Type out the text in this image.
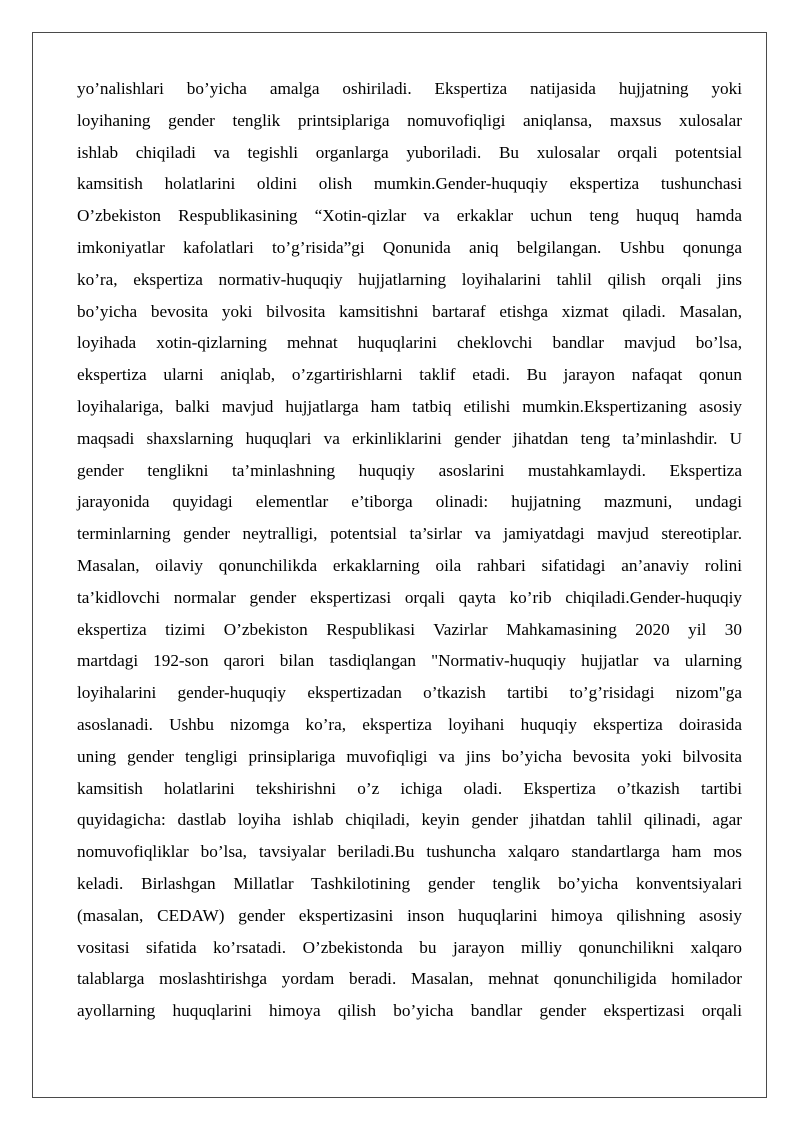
yo’nalishlari bo’yicha amalga oshiriladi. Ekspertiza natijasida hujjatning yoki
loyihaning gender tenglik printsiplariga nomuvofiqligi aniqlansa, maxsus xulosalar
ishlab chiqiladi va tegishli organlarga yuboriladi. Bu xulosalar orqali potentsial
kamsitish holatlarini oldini olish mumkin.Gender-huquqiy ekspertiza tushunchasi
O’zbekiston Respublikasining “Xotin-qizlar va erkaklar uchun teng huquq hamda
imkoniyatlar kafolatlari to’g’risida”gi Qonunida aniq belgilangan. Ushbu qonunga
ko’ra, ekspertiza normativ-huquqiy hujjatlarning loyihalarini tahlil qilish orqali jins
bo’yicha bevosita yoki bilvosita kamsitishni bartaraf etishga xizmat qiladi. Masalan,
loyihada xotin-qizlarning mehnat huquqlarini cheklovchi bandlar mavjud bo’lsa,
ekspertiza ularni aniqlab, o’zgartirishlarni taklif etadi. Bu jarayon nafaqat qonun
loyihalariga, balki mavjud hujjatlarga ham tatbiq etilishi mumkin.Ekspertizaning asosiy
maqsadi shaxslarning huquqlari va erkinliklarini gender jihatdan teng ta’minlashdir. U
gender tenglikni ta’minlashning huquqiy asoslarini mustahkamlaydi. Ekspertiza
jarayonida quyidagi elementlar e’tiborga olinadi: hujjatning mazmuni, undagi
terminlarning gender neytralligi, potentsial ta’sirlar va jamiyatdagi mavjud stereotiplar.
Masalan, oilaviy qonunchilikda erkaklarning oila rahbari sifatidagi an’anaviy rolini
ta’kidlovchi normalar gender ekspertizasi orqali qayta ko’rib chiqiladi.Gender-huquqiy
ekspertiza tizimi O’zbekiston Respublikasi Vazirlar Mahkamasining 2020 yil 30
martdagi 192-son qarori bilan tasdiqlangan "Normativ-huquqiy hujjatlar va ularning
loyihalarini gender-huquqiy ekspertizadan o’tkazish tartibi to’g’risidagi nizom"ga
asoslanadi. Ushbu nizomga ko’ra, ekspertiza loyihani huquqiy ekspertiza doirasida
uning gender tengligi prinsiplariga muvofiqligi va jins bo’yicha bevosita yoki bilvosita
kamsitish holatlarini tekshirishni o’z ichiga oladi. Ekspertiza o’tkazish tartibi
quyidagicha: dastlab loyiha ishlab chiqiladi, keyin gender jihatdan tahlil qilinadi, agar
nomuvofiqliklar bo’lsa, tavsiyalar beriladi.Bu tushuncha xalqaro standartlarga ham mos
keladi. Birlashgan Millatlar Tashkilotining gender tenglik bo’yicha konventsiyalari
(masalan, CEDAW) gender ekspertizasini inson huquqlarini himoya qilishning asosiy
vositasi sifatida ko’rsatadi. O’zbekistonda bu jarayon milliy qonunchilikni xalqaro
talablarga moslashtirishga yordam beradi. Masalan, mehnat qonunchiligida homilador
ayollarning huquqlarini himoya qilish bo’yicha bandlar gender ekspertizasi orqali
